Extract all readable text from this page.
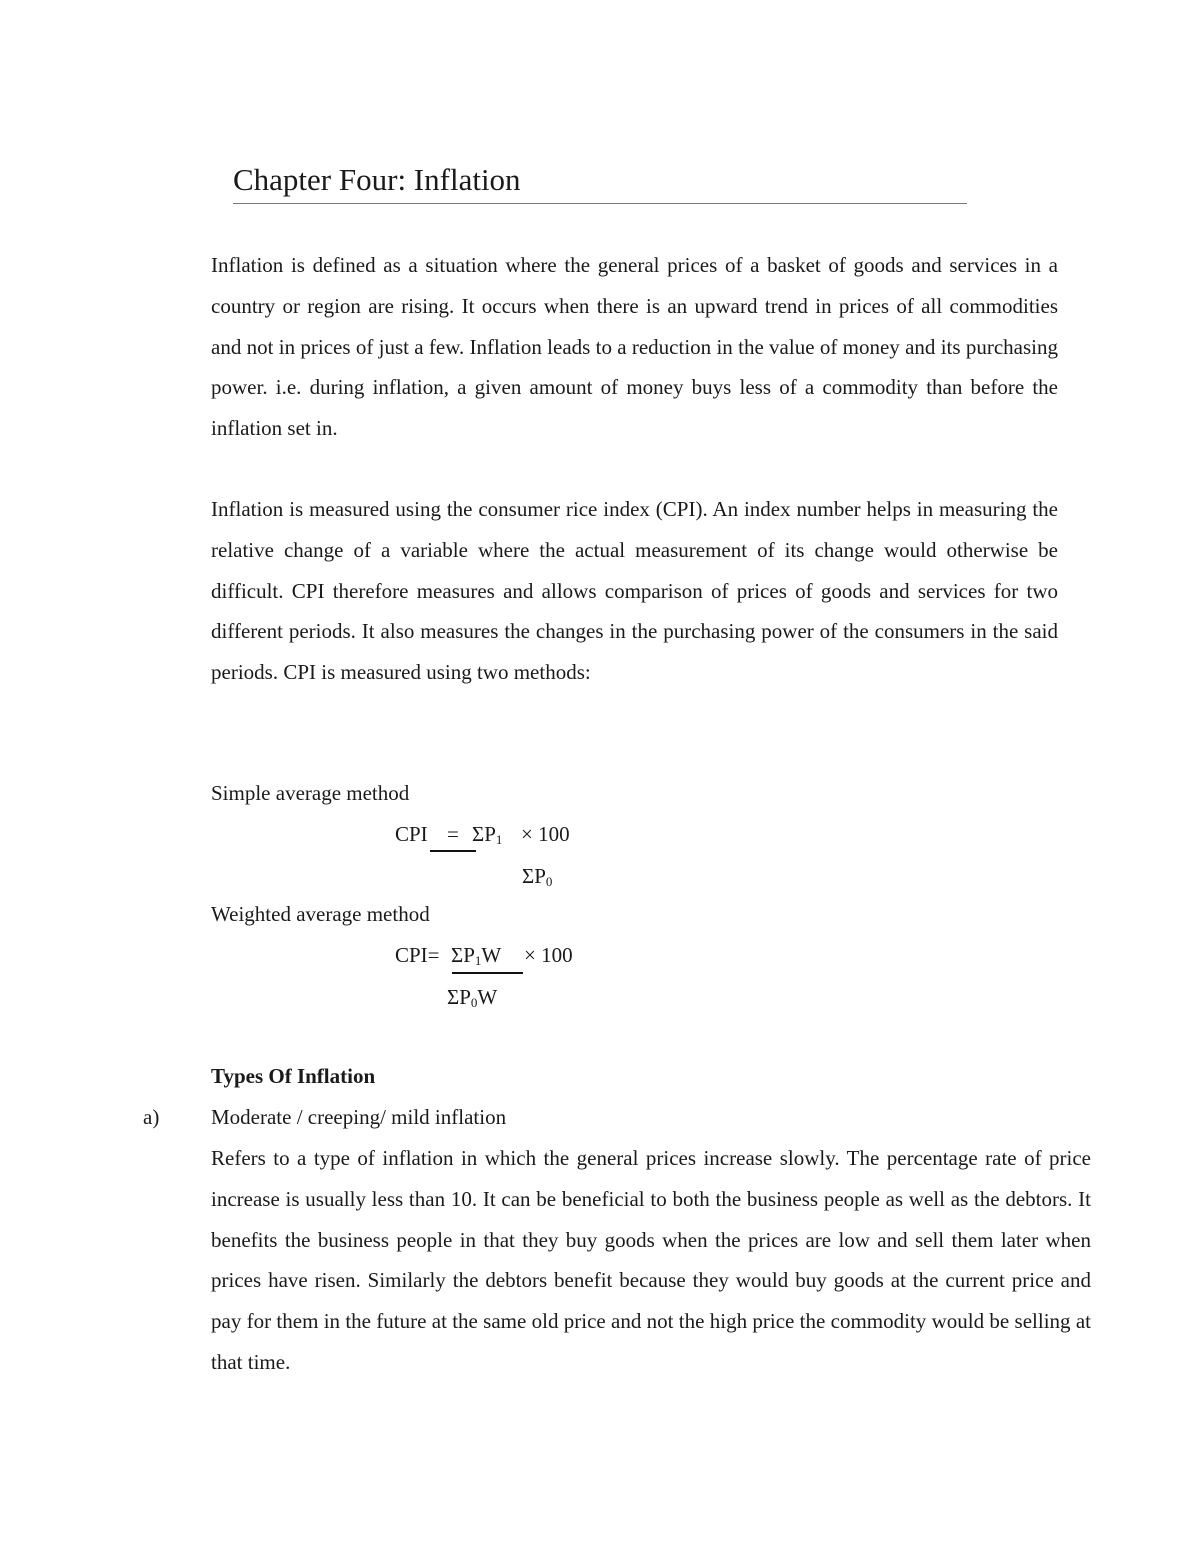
Chapter Four: Inflation

Inflation is defined as a situation where the general prices of a basket of goods and services in a country or region are rising. It occurs when there is an upward trend in prices of all commodities and not in prices of just a few. Inflation leads to a reduction in the value of money and its purchasing power. i.e. during inflation, a given amount of money buys less of a commodity than before the inflation set in.

Inflation is measured using the consumer rice index (CPI). An index number helps in measuring the relative change of a variable where the actual measurement of its change would otherwise be difficult. CPI therefore measures and allows comparison of prices of goods and services for two different periods. It also measures the changes in the purchasing power of the consumers in the said periods. CPI is measured using two methods:

Simple average method

CPI = $\Sigma P_1 \times 100$
$\Sigma P_0$

Weighted average method

$CPI= \Sigma P_1W \times 100$
$\Sigma P_0W$

Types Of Inflation

a) Moderate / creeping/ mild inflation

Refers to a type of inflation in which the general prices increase slowly. The percentage rate of price increase is usually less than 10. It can be beneficial to both the business people as well as the debtors. It benefits the business people in that they buy goods when the prices are low and sell them later when prices have risen. Similarly the debtors benefit because they would buy goods at the current price and pay for them in the future at the same old price and not the high price the commodity would be selling at that time.
